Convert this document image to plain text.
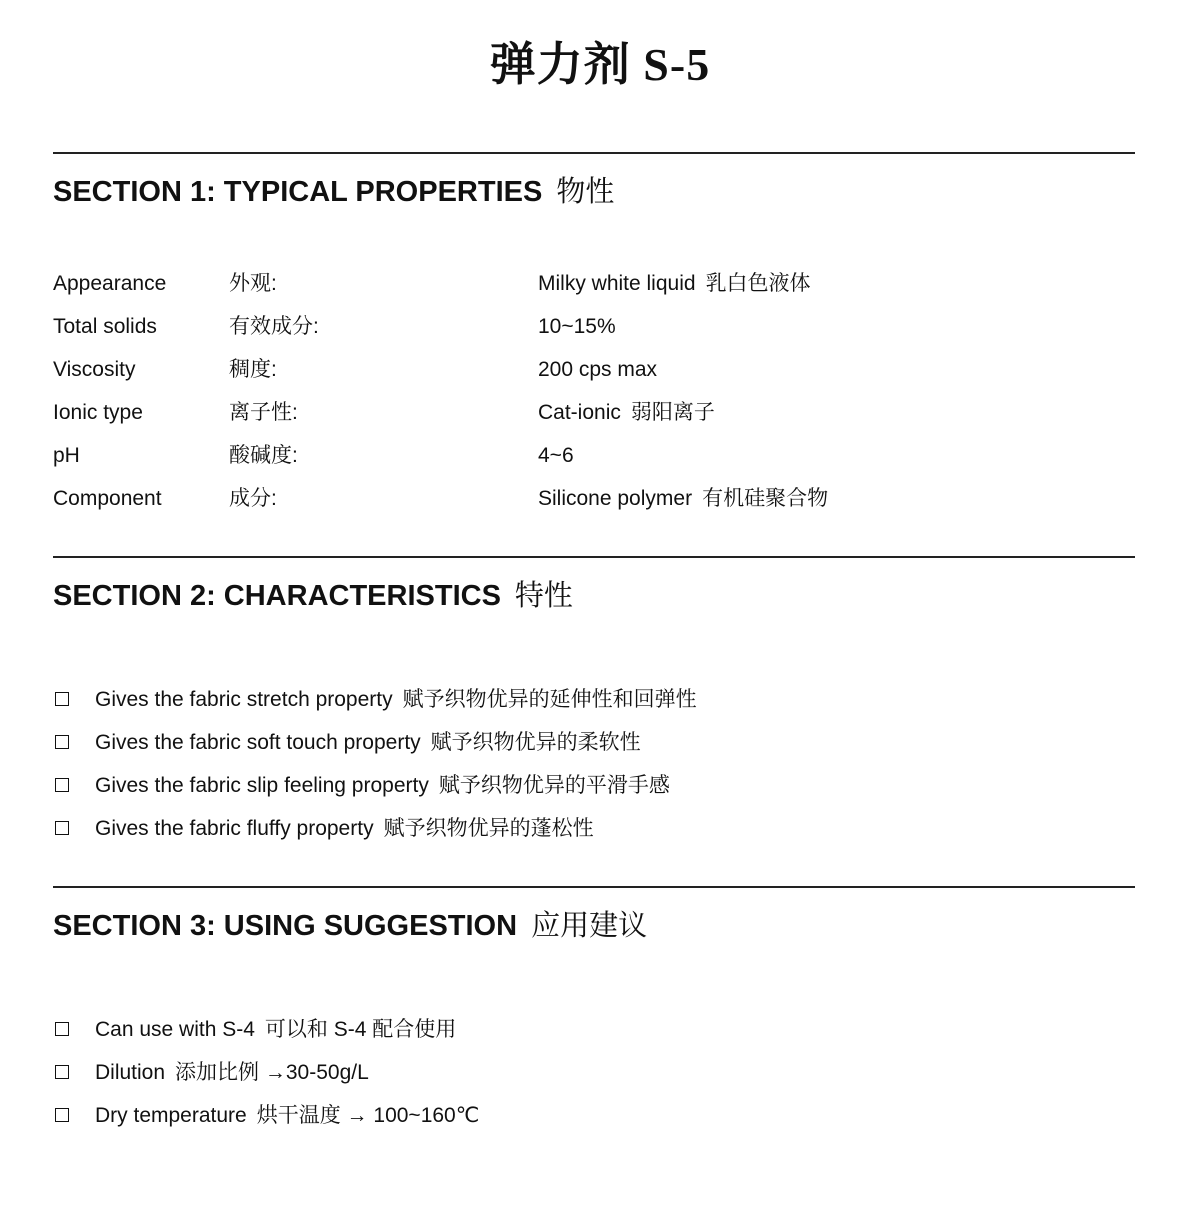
弹力剂 S-5
SECTION 1: TYPICAL PROPERTIES 物性
Appearance	外观:	Milky white liquid 乳白色液体
Total solids	有效成分:	10~15%
Viscosity	稠度:	200 cps max
Ionic type	离子性:	Cat-ionic 弱阳离子
pH	酸碱度:	4~6
Component	成分:	Silicone polymer 有机硅聚合物
SECTION 2: CHARACTERISTICS 特性
Gives the fabric stretch property 赋予织物优异的延伸性和回弹性
Gives the fabric soft touch property 赋予织物优异的柔软性
Gives the fabric slip feeling property 赋予织物优异的平滑手感
Gives the fabric fluffy property 赋予织物优异的蓬松性
SECTION 3: USING SUGGESTION 应用建议
Can use with S-4 可以和 S-4 配合使用
Dilution 添加比例 →30-50g/L
Dry temperature 烘干温度 → 100~160℃
